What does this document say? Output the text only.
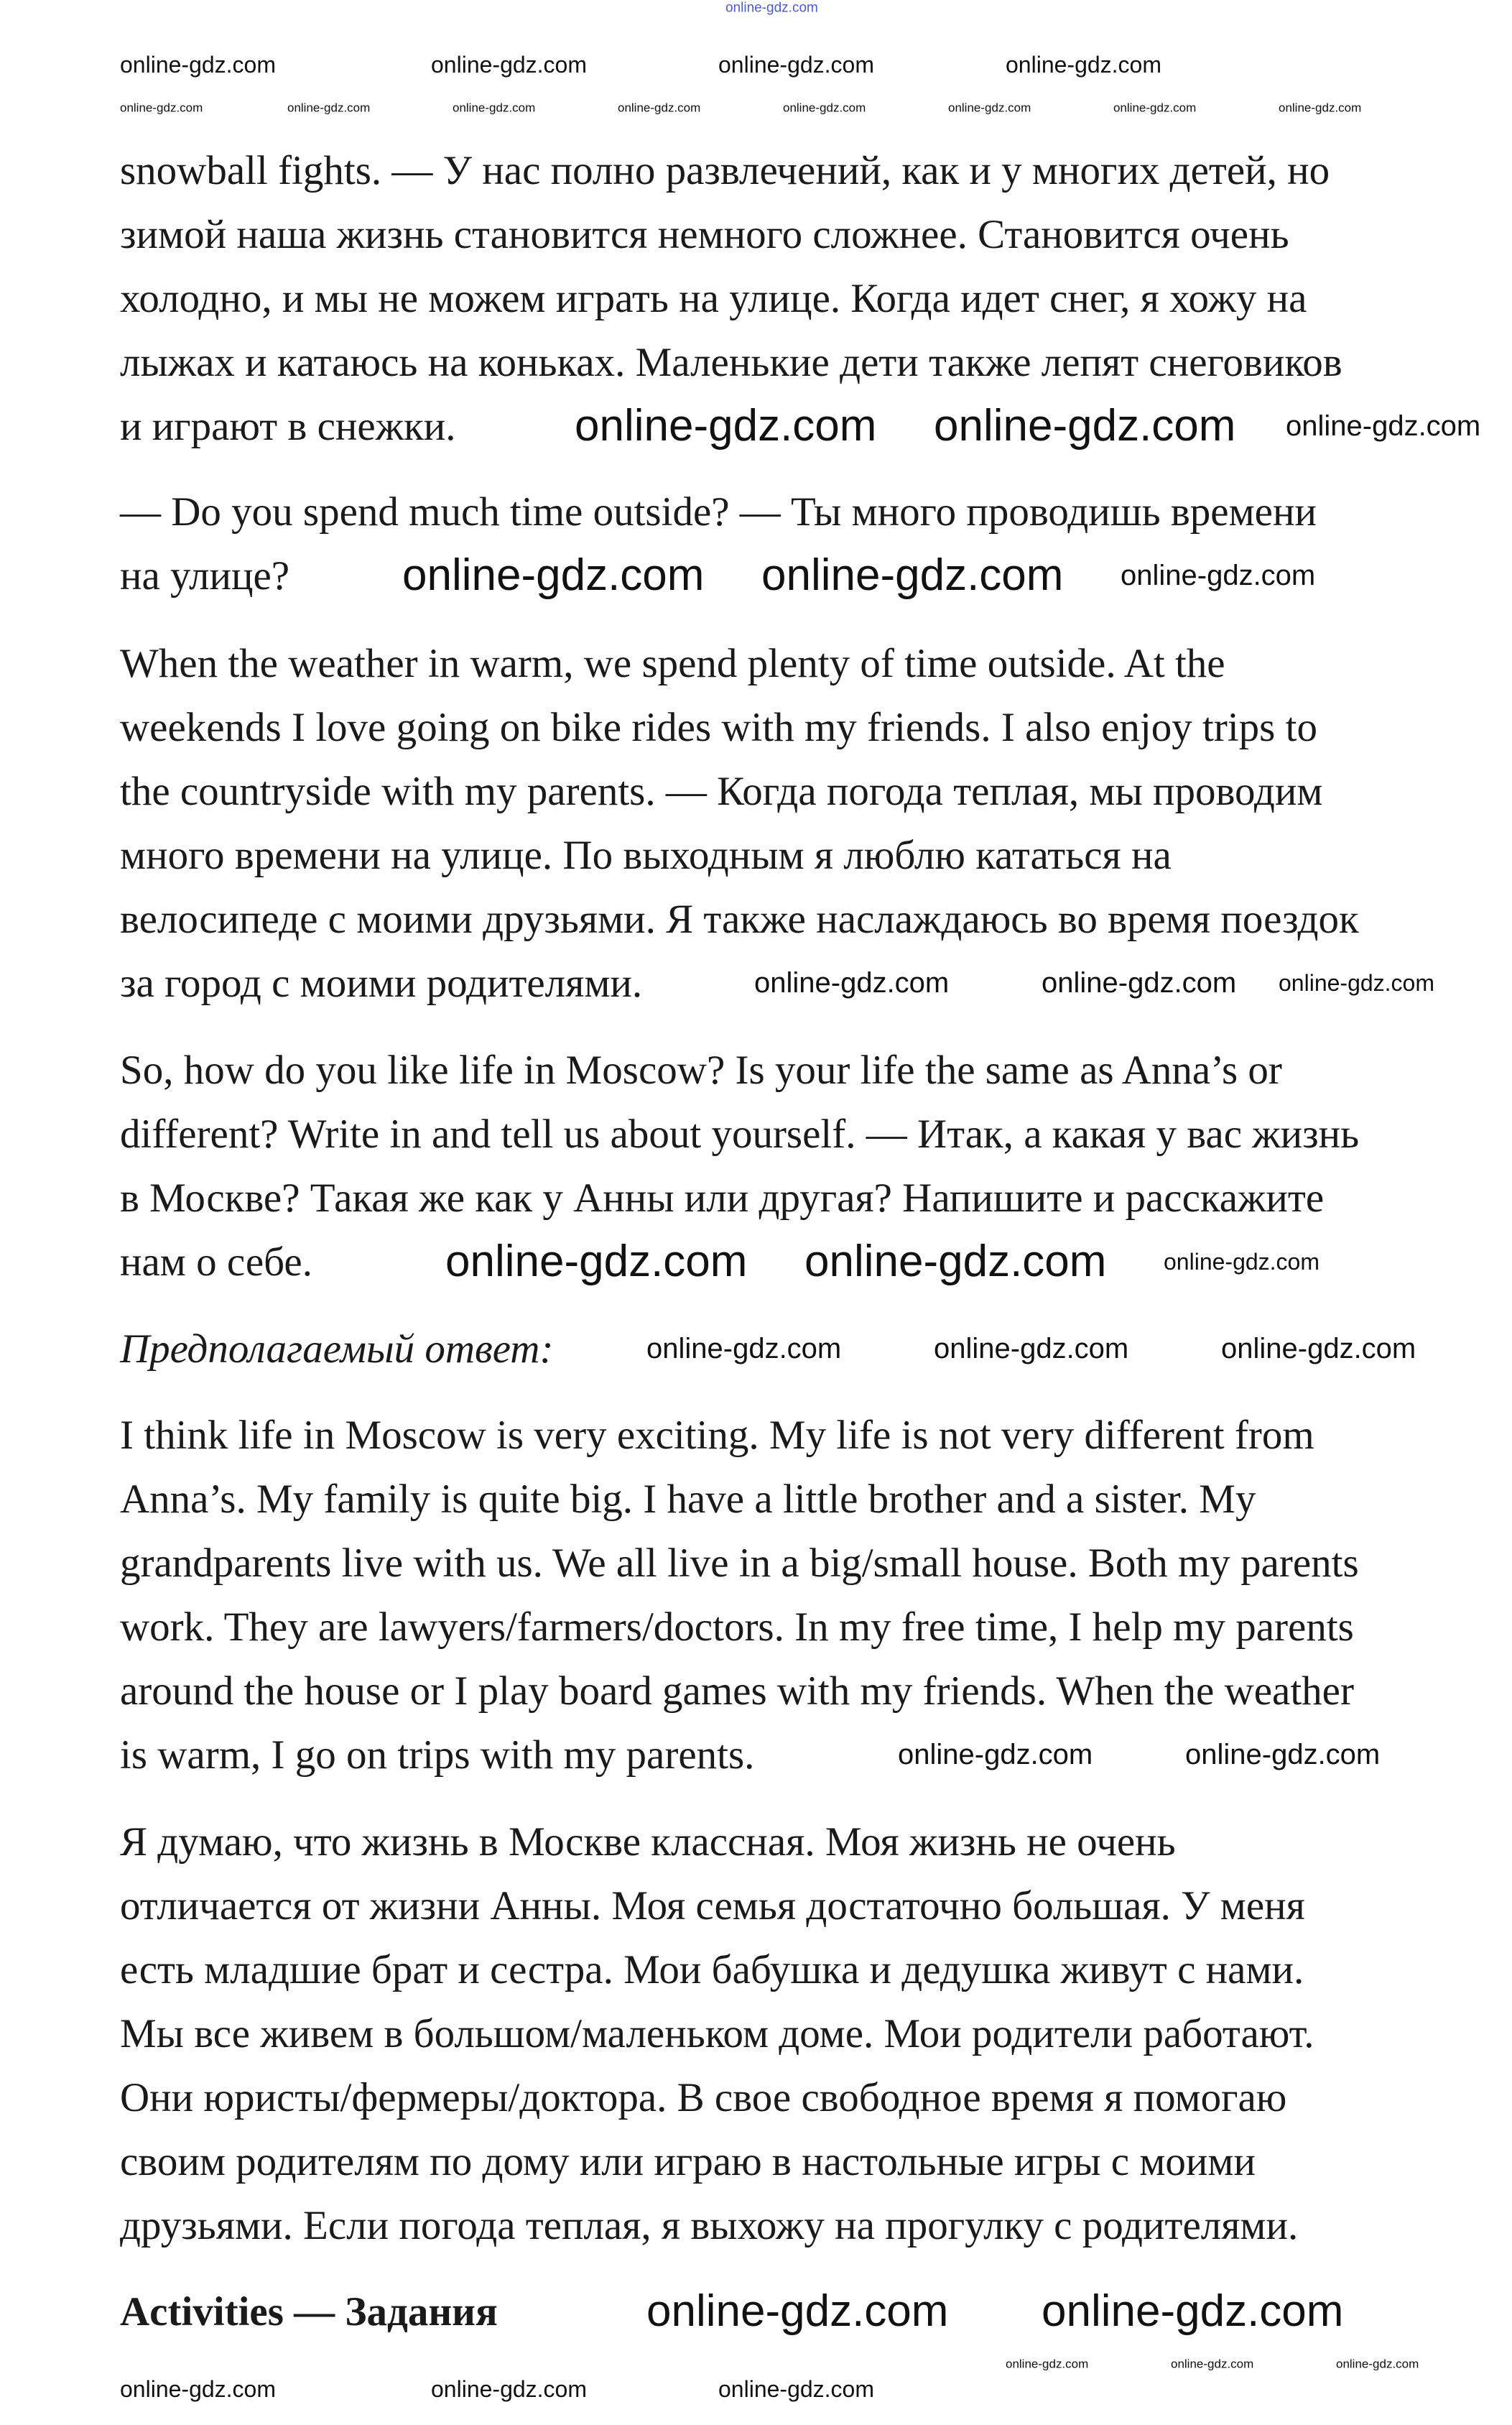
snowball fights. — У нас полно развлечений, как и у многих детей, но
зимой наша жизнь становится немного сложнее. Становится очень
холодно, и мы не можем играть на улице. Когда идет снег, я хожу на
лыжах и катаюсь на коньках. Маленькие дети также лепят снеговиков
и играют в снежки.
— Do you spend much time outside? — Ты много проводишь времени
на улице?
When the weather in warm, we spend plenty of time outside. At the
weekends I love going on bike rides with my friends. I also enjoy trips to
the countryside with my parents. — Когда погода теплая, мы проводим
много времени на улице. По выходным я люблю кататься на
велосипеде с моими друзьями. Я также наслаждаюсь во время поездок
за город с моими родителями.
So, how do you like life in Moscow? Is your life the same as Anna’s or
different? Write in and tell us about yourself. — Итак, а какая у вас жизнь
в Москве? Такая же как у Анны или другая? Напишите и расскажите
нам о себе.
Предполагаемый ответ:
I think life in Moscow is very exciting. My life is not very different from
Anna’s. My family is quite big. I have a little brother and a sister. My
grandparents live with us. We all live in a big/small house. Both my parents
work. They are lawyers/farmers/doctors. In my free time, I help my parents
around the house or I play board games with my friends. When the weather
is warm, I go on trips with my parents.
Я думаю, что жизнь в Москве классная. Моя жизнь не очень
отличается от жизни Анны. Моя семья достаточно большая. У меня
есть младшие брат и сестра. Мои бабушка и дедушка живут с нами.
Мы все живем в большом/маленьком доме. Мои родители работают.
Они юристы/фермеры/доктора. В свое свободное время я помогаю
своим родителям по дому или играю в настольные игры с моими
друзьями. Если погода теплая, я выхожу на прогулку с родителями.
Activities — Задания
online-gdz.com
online-gdz.com	online-gdz.com	online-gdz.com	online-gdz.com
online-gdz.com	online-gdz.com	online-gdz.com	online-gdz.com	online-gdz.com	online-gdz.com	online-gdz.com	online-gdz.com
online-gdz.com online-gdz.com online-gdz.com
online-gdz.com online-gdz.com online-gdz.com
online-gdz.com	online-gdz.com online-gdz.com
online-gdz.com online-gdz.com online-gdz.com
online-gdz.com	online-gdz.com	online-gdz.com
online-gdz.com	online-gdz.com
online-gdz.com online-gdz.com
online-gdz.com	online-gdz.com	online-gdz.com
online-gdz.com	online-gdz.com	online-gdz.com
